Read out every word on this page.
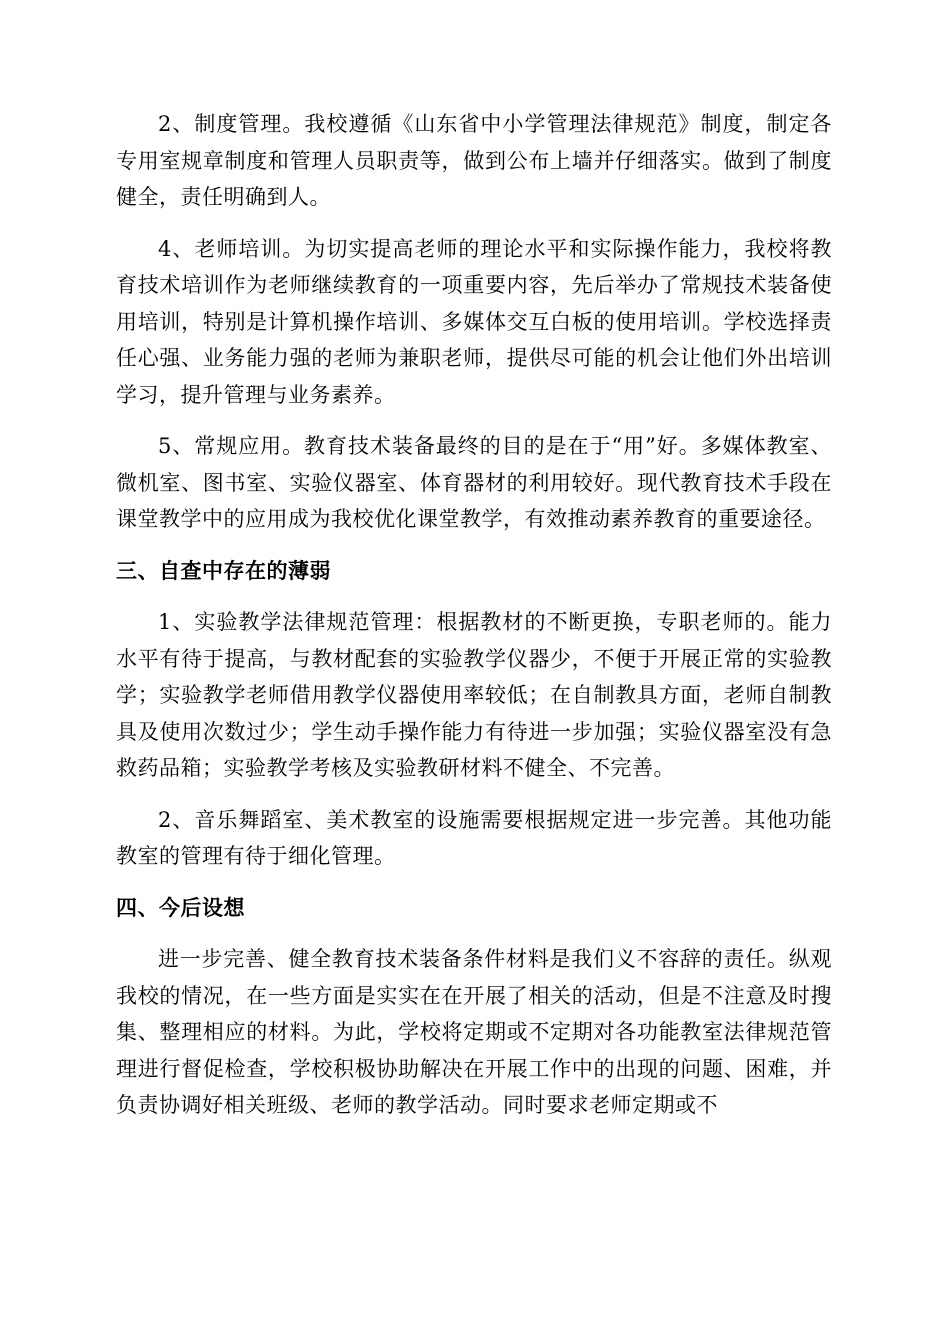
2、制度管理。我校遵循《山东省中小学管理法律规范》制度，制定各专用室规章制度和管理人员职责等，做到公布上墙并仔细落实。做到了制度健全，责任明确到人。

4、老师培训。为切实提高老师的理论水平和实际操作能力，我校将教育技术培训作为老师继续教育的一项重要内容，先后举办了常规技术装备使用培训，特别是计算机操作培训、多媒体交互白板的使用培训。学校选择责任心强、业务能力强的老师为兼职老师，提供尽可能的机会让他们外出培训学习，提升管理与业务素养。

5、常规应用。教育技术装备最终的目的是在于“用”好。多媒体教室、微机室、图书室、实验仪器室、体育器材的利用较好。现代教育技术手段在课堂教学中的应用成为我校优化课堂教学，有效推动素养教育的重要途径。

三、自查中存在的薄弱

1、实验教学法律规范管理：根据教材的不断更换，专职老师的。能力水平有待于提高，与教材配套的实验教学仪器少，不便于开展正常的实验教学；实验教学老师借用教学仪器使用率较低；在自制教具方面，老师自制教具及使用次数过少；学生动手操作能力有待进一步加强；实验仪器室没有急救药品箱；实验教学考核及实验教研材料不健全、不完善。

2、音乐舞蹈室、美术教室的设施需要根据规定进一步完善。其他功能教室的管理有待于细化管理。

四、今后设想

进一步完善、健全教育技术装备条件材料是我们义不容辞的责任。纵观我校的情况，在一些方面是实实在在开展了相关的活动，但是不注意及时搜集、整理相应的材料。为此，学校将定期或不定期对各功能教室法律规范管理进行督促检查，学校积极协助解决在开展工作中的出现的问题、困难，并负责协调好相关班级、老师的教学活动。同时要求老师定期或不
